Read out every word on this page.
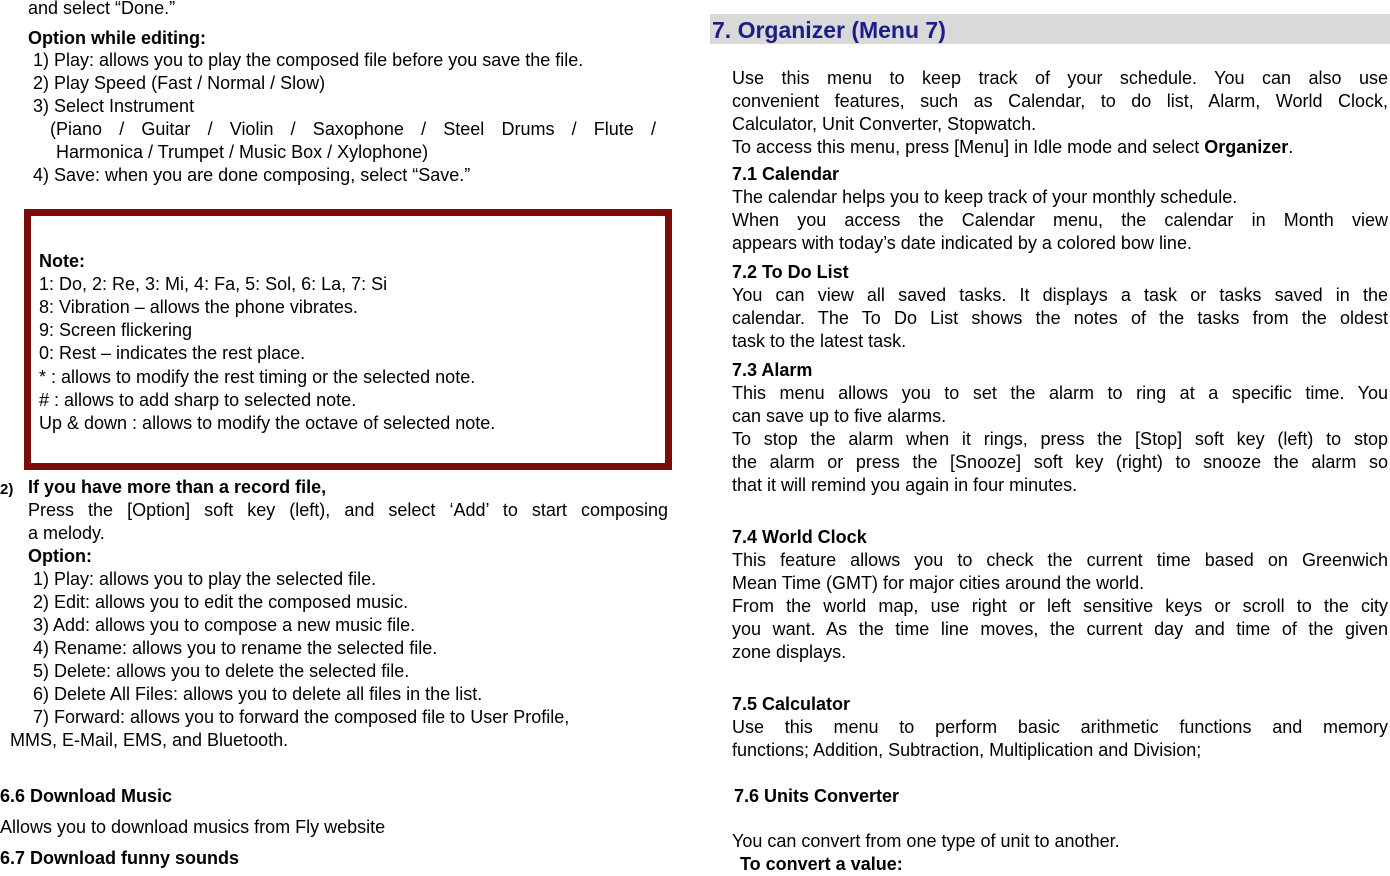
and select “Done.”
Option while editing:
1) Play: allows you to play the composed file before you save the file.
2) Play Speed (Fast / Normal / Slow)
3) Select Instrument
(Piano / Guitar / Violin / Saxophone / Steel Drums / Flute /
Harmonica / Trumpet / Music Box / Xylophone)
4) Save: when you are done composing, select “Save.”
Note:
1: Do, 2: Re, 3: Mi, 4: Fa, 5: Sol, 6: La, 7: Si
8: Vibration – allows the phone vibrates.
9: Screen flickering
0: Rest – indicates the rest place.
* : allows to modify the rest timing or the selected note.
# : allows to add sharp to selected note.
Up & down : allows to modify the octave of selected note.
2) If you have more than a record file,
Press the [Option] soft key (left), and select ‘Add’ to start composing
a melody.
Option:
1) Play: allows you to play the selected file.
2) Edit: allows you to edit the composed music.
3) Add: allows you to compose a new music file.
4) Rename: allows you to rename the selected file.
5) Delete: allows you to delete the selected file.
6) Delete All Files: allows you to delete all files in the list.
7) Forward: allows you to forward the composed file to User Profile,
MMS, E-Mail, EMS, and Bluetooth.
6.6 Download Music
Allows you to download musics from Fly website
6.7 Download funny sounds
7. Organizer (Menu 7)
Use this menu to keep track of your schedule. You can also use
convenient features, such as Calendar, to do list, Alarm, World Clock,
Calculator, Unit Converter, Stopwatch.
To access this menu, press [Menu] in Idle mode and select Organizer.
7.1 Calendar
The calendar helps you to keep track of your monthly schedule.
When you access the Calendar menu, the calendar in Month view
appears with today’s date indicated by a colored bow line.
7.2 To Do List
You can view all saved tasks. It displays a task or tasks saved in the
calendar. The To Do List shows the notes of the tasks from the oldest
task to the latest task.
7.3 Alarm
This menu allows you to set the alarm to ring at a specific time. You
can save up to five alarms.
To stop the alarm when it rings, press the [Stop] soft key (left) to stop
the alarm or press the [Snooze] soft key (right) to snooze the alarm so
that it will remind you again in four minutes.
7.4 World Clock
This feature allows you to check the current time based on Greenwich
Mean Time (GMT) for major cities around the world.
From the world map, use right or left sensitive keys or scroll to the city
you want. As the time line moves, the current day and time of the given
zone displays.
7.5 Calculator
Use this menu to perform basic arithmetic functions and memory
functions; Addition, Subtraction, Multiplication and Division;
7.6 Units Converter
You can convert from one type of unit to another.
To convert a value:
